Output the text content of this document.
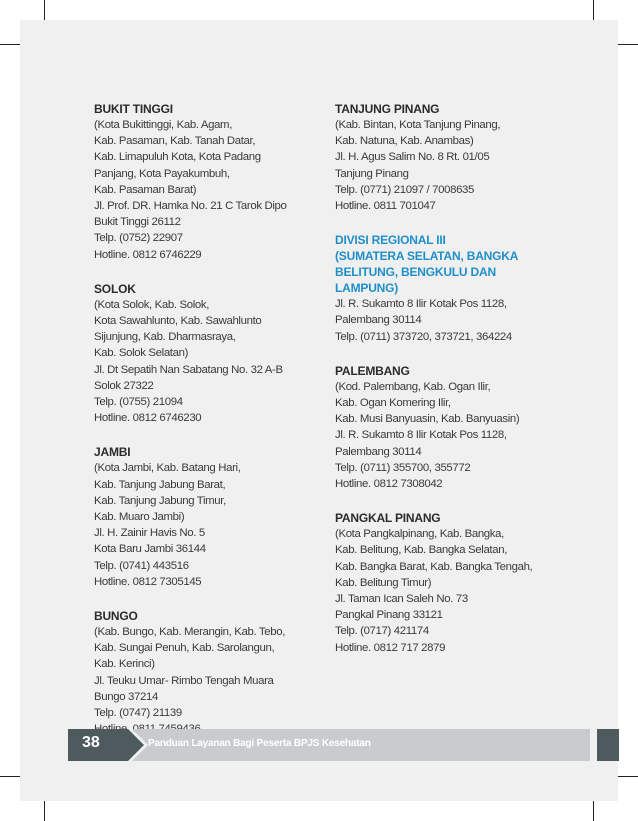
BUKIT TINGGI
(Kota Bukittinggi, Kab. Agam,
Kab. Pasaman, Kab. Tanah Datar,
Kab. Limapuluh Kota, Kota Padang
Panjang, Kota Payakumbuh,
Kab. Pasaman Barat)
Jl. Prof. DR. Hamka No. 21 C Tarok Dipo
Bukit Tinggi 26112
Telp. (0752) 22907
Hotline. 0812 6746229
SOLOK
(Kota Solok, Kab. Solok,
Kota Sawahlunto, Kab. Sawahlunto
Sijunjung, Kab. Dharmasraya,
Kab. Solok Selatan)
Jl. Dt Sepatih Nan Sabatang No. 32 A-B
Solok 27322
Telp. (0755) 21094
Hotline. 0812 6746230
JAMBI
(Kota Jambi, Kab. Batang Hari,
Kab. Tanjung Jabung Barat,
Kab. Tanjung Jabung Timur,
Kab. Muaro Jambi)
Jl. H. Zainir Havis No. 5
Kota Baru Jambi 36144
Telp. (0741) 443516
Hotline. 0812 7305145
BUNGO
(Kab. Bungo, Kab. Merangin, Kab. Tebo,
Kab. Sungai Penuh, Kab. Sarolangun,
Kab. Kerinci)
Jl. Teuku Umar- Rimbo Tengah Muara
Bungo 37214
Telp. (0747) 21139
TANJUNG PINANG
(Kab. Bintan, Kota Tanjung Pinang,
Kab. Natuna, Kab. Anambas)
Jl. H. Agus Salim No. 8 Rt. 01/05
Tanjung Pinang
Telp. (0771) 21097 / 7008635
Hotline. 0811 701047
DIVISI REGIONAL III
(SUMATERA SELATAN, BANGKA
BELITUNG, BENGKULU DAN
LAMPUNG)
Jl. R. Sukamto 8 Ilir Kotak Pos 1128,
Palembang 30114
Telp. (0711) 373720, 373721, 364224
PALEMBANG
(Kod. Palembang, Kab. Ogan Ilir,
Kab. Ogan Komering Ilir,
Kab. Musi Banyuasin, Kab. Banyuasin)
Jl. R. Sukamto 8 Ilir Kotak Pos 1128,
Palembang 30114
Telp. (0711) 355700, 355772
Hotline. 0812 7308042
PANGKAL PINANG
(Kota Pangkalpinang, Kab. Bangka,
Kab. Belitung, Kab. Bangka Selatan,
Kab. Bangka Barat, Kab. Bangka Tengah,
Kab. Belitung Timur)
Jl. Taman Ican Saleh No. 73
Pangkal Pinang 33121
Telp. (0717) 421174
Hotline. 0812 717 2879
38	Panduan Layanan Bagi Peserta BPJS Kesehatan
